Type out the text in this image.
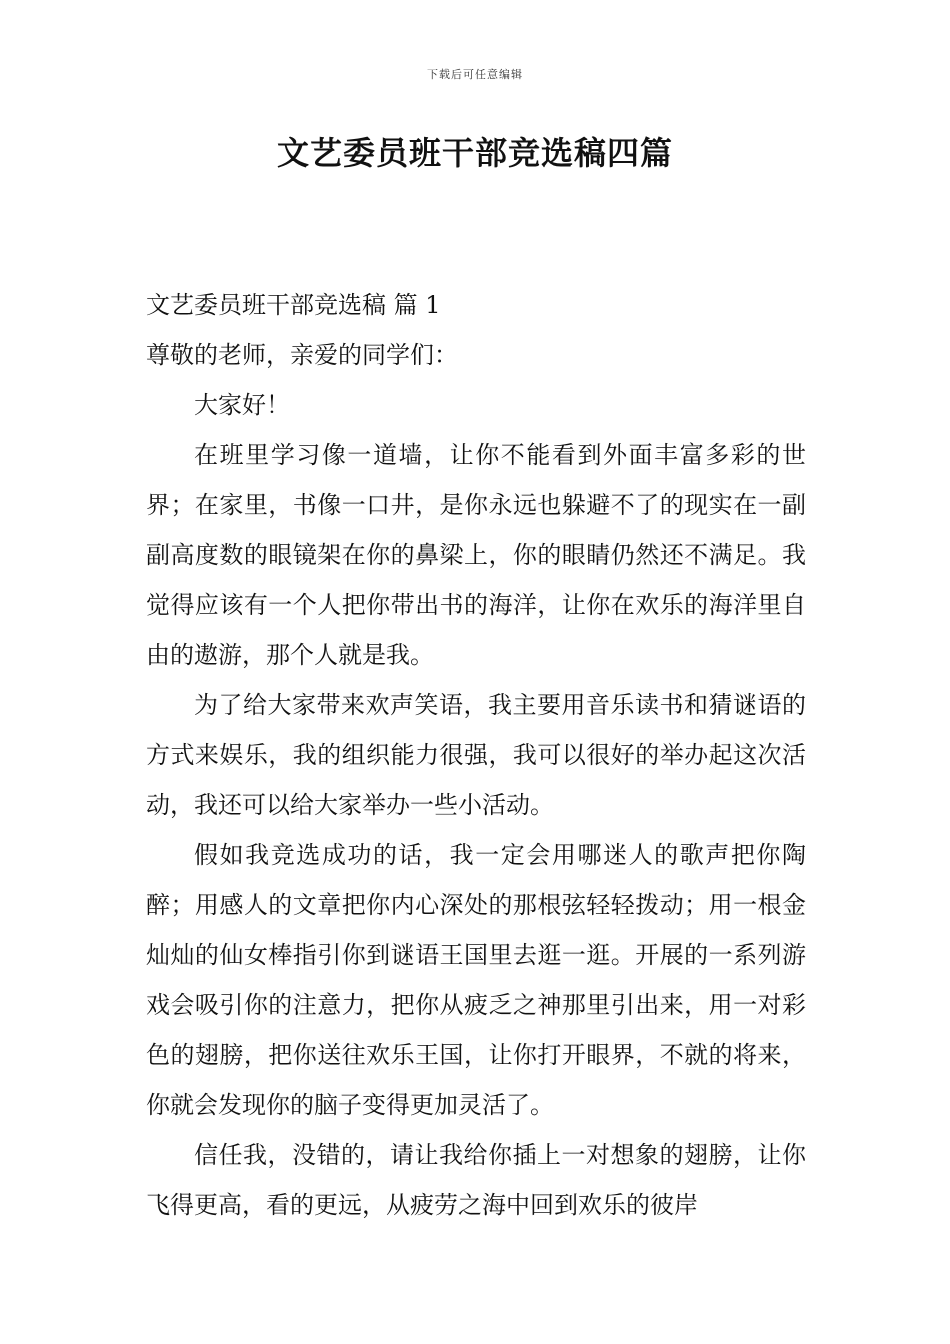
下载后可任意编辑
文艺委员班干部竞选稿四篇
文艺委员班干部竞选稿 篇 1
尊敬的老师，亲爱的同学们：
大家好！

在班里学习像一道墙，让你不能看到外面丰富多彩的世界；在家里，书像一口井，是你永远也躲避不了的现实在一副副高度数的眼镜架在你的鼻梁上，你的眼睛仍然还不满足。我觉得应该有一个人把你带出书的海洋，让你在欢乐的海洋里自由的遨游，那个人就是我。

为了给大家带来欢声笑语，我主要用音乐读书和猜谜语的方式来娱乐，我的组织能力很强，我可以很好的举办起这次活动，我还可以给大家举办一些小活动。

假如我竞选成功的话，我一定会用哪迷人的歌声把你陶醉；用感人的文章把你内心深处的那根弦轻轻拨动；用一根金灿灿的仙女棒指引你到谜语王国里去逛一逛。开展的一系列游戏会吸引你的注意力，把你从疲乏之神那里引出来，用一对彩色的翅膀，把你送往欢乐王国，让你打开眼界，不就的将来，你就会发现你的脑子变得更加灵活了。

信任我，没错的，请让我给你插上一对想象的翅膀，让你飞得更高，看的更远，从疲劳之海中回到欢乐的彼岸
